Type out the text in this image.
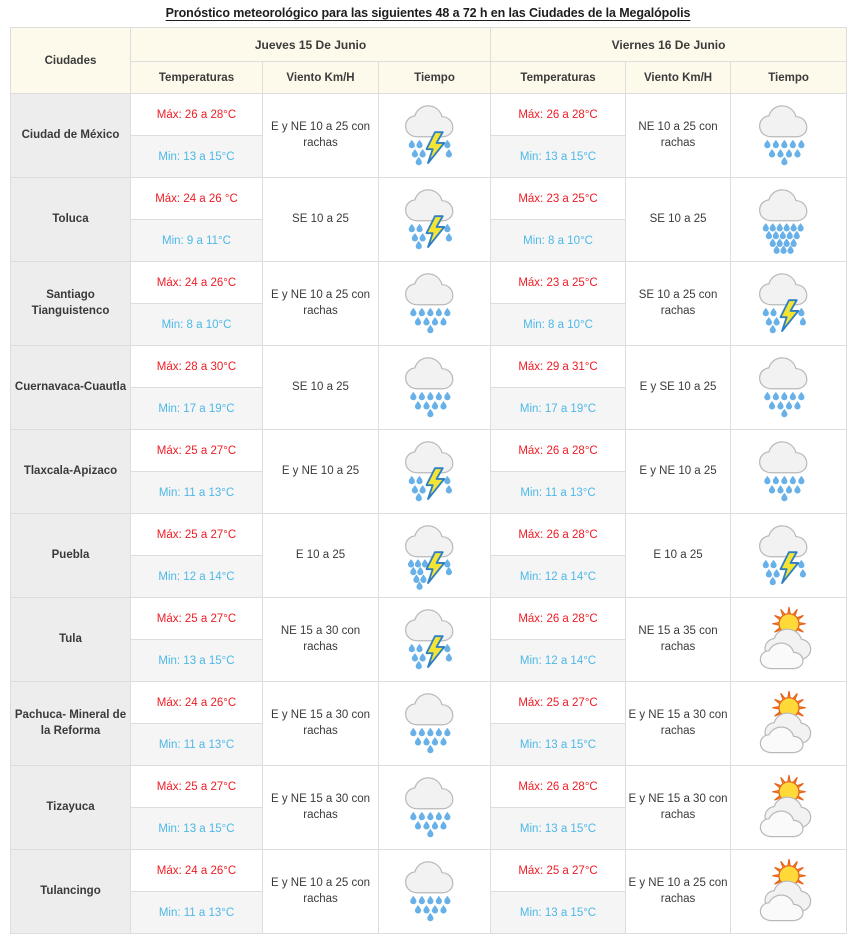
Pronóstico meteorológico para las siguientes 48 a 72 h en las Ciudades de la Megalópolis
Ciudades	Jueves 15 De Junio			Viernes 16 De Junio		
	Temperaturas	Viento Km/H	Tiempo	Temperaturas	Viento Km/H	Tiempo
Ciudad de México	Máx: 26 a 28°C	E y NE 10 a 25 con rachas		Máx: 26 a 28°C	NE 10 a 25 con rachas	

	Min: 13 a 15°C			Min: 13 a 15°C		
Toluca	Máx: 24 a 26 °C	SE 10 a 25		Máx: 23 a 25°C	SE 10 a 25	

	Min: 9 a 11°C			Min: 8 a 10°C		
Santiago Tianguistenco	Máx: 24 a 26°C	E y NE 10 a 25 con rachas		Máx: 23 a 25°C	SE 10 a 25 con rachas	

	Min: 8 a 10°C			Min: 8 a 10°C		
Cuernavaca-Cuautla	Máx: 28 a 30°C	SE 10 a 25		Máx: 29 a 31°C	E y SE 10 a 25	

	Min: 17 a 19°C			Min: 17 a 19°C		
Tlaxcala-Apizaco	Máx: 25 a 27°C	E y NE 10 a 25		Máx: 26 a 28°C	E y NE 10 a 25	

	Min: 11 a 13°C			Min: 11 a 13°C		
Puebla	Máx: 25 a 27°C	E 10 a 25		Máx: 26 a 28°C	E 10 a 25	

	Min: 12 a 14°C			Min: 12 a 14°C		
Tula	Máx: 25 a 27°C	NE 15 a 30 con rachas		Máx: 26 a 28°C	NE 15 a 35 con rachas	

	Min: 13 a 15°C			Min: 12 a 14°C		
Pachuca- Mineral de la Reforma	Máx: 24 a 26°C	E y NE 15 a 30 con rachas		Máx: 25 a 27°C	E y NE 15 a 30 con rachas	

	Min: 11 a 13°C			Min: 13 a 15°C		
Tizayuca	Máx: 25 a 27°C	E y NE 15 a 30 con rachas		Máx: 26 a 28°C	E y NE 15 a 30 con rachas	

	Min: 13 a 15°C			Min: 13 a 15°C		
Tulancingo	Máx: 24 a 26°C	E y NE 10 a 25 con rachas		Máx: 25 a 27°C	E y NE 10 a 25 con rachas	

	Min: 11 a 13°C			Min: 13 a 15°C		
